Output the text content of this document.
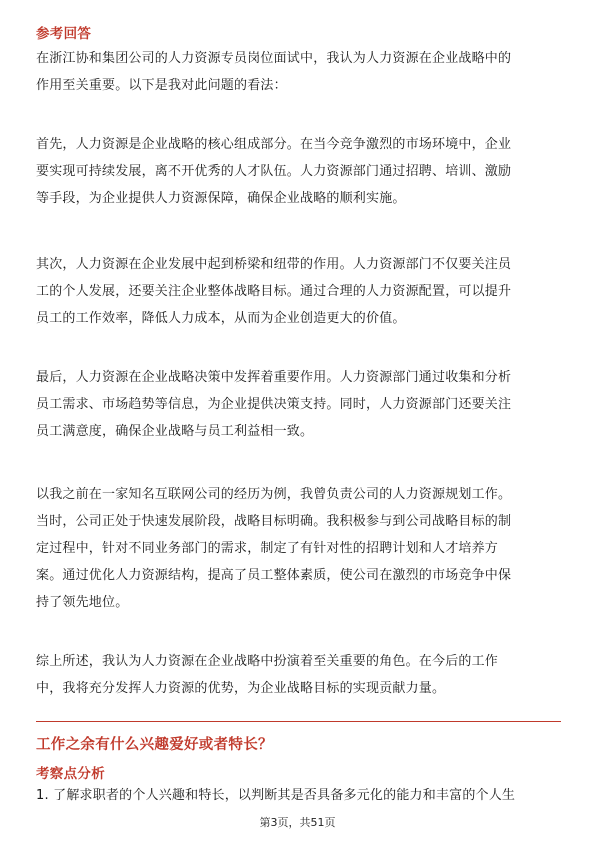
参考回答
在浙江协和集团公司的人力资源专员岗位面试中，我认为人力资源在企业战略中的
作用至关重要。以下是我对此问题的看法：
首先，人力资源是企业战略的核心组成部分。在当今竞争激烈的市场环境中，企业
要实现可持续发展，离不开优秀的人才队伍。人力资源部门通过招聘、培训、激励
等手段，为企业提供人力资源保障，确保企业战略的顺利实施。
其次，人力资源在企业发展中起到桥梁和纽带的作用。人力资源部门不仅要关注员
工的个人发展，还要关注企业整体战略目标。通过合理的人力资源配置，可以提升
员工的工作效率，降低人力成本，从而为企业创造更大的价值。
最后，人力资源在企业战略决策中发挥着重要作用。人力资源部门通过收集和分析
员工需求、市场趋势等信息，为企业提供决策支持。同时，人力资源部门还要关注
员工满意度，确保企业战略与员工利益相一致。
以我之前在一家知名互联网公司的经历为例，我曾负责公司的人力资源规划工作。
当时，公司正处于快速发展阶段，战略目标明确。我积极参与到公司战略目标的制
定过程中，针对不同业务部门的需求，制定了有针对性的招聘计划和人才培养方
案。通过优化人力资源结构，提高了员工整体素质，使公司在激烈的市场竞争中保
持了领先地位。
综上所述，我认为人力资源在企业战略中扮演着至关重要的角色。在今后的工作
中，我将充分发挥人力资源的优势，为企业战略目标的实现贡献力量。
工作之余有什么兴趣爱好或者特长？
考察点分析
1. 了解求职者的个人兴趣和特长，以判断其是否具备多元化的能力和丰富的个人生
第3页，共51页
